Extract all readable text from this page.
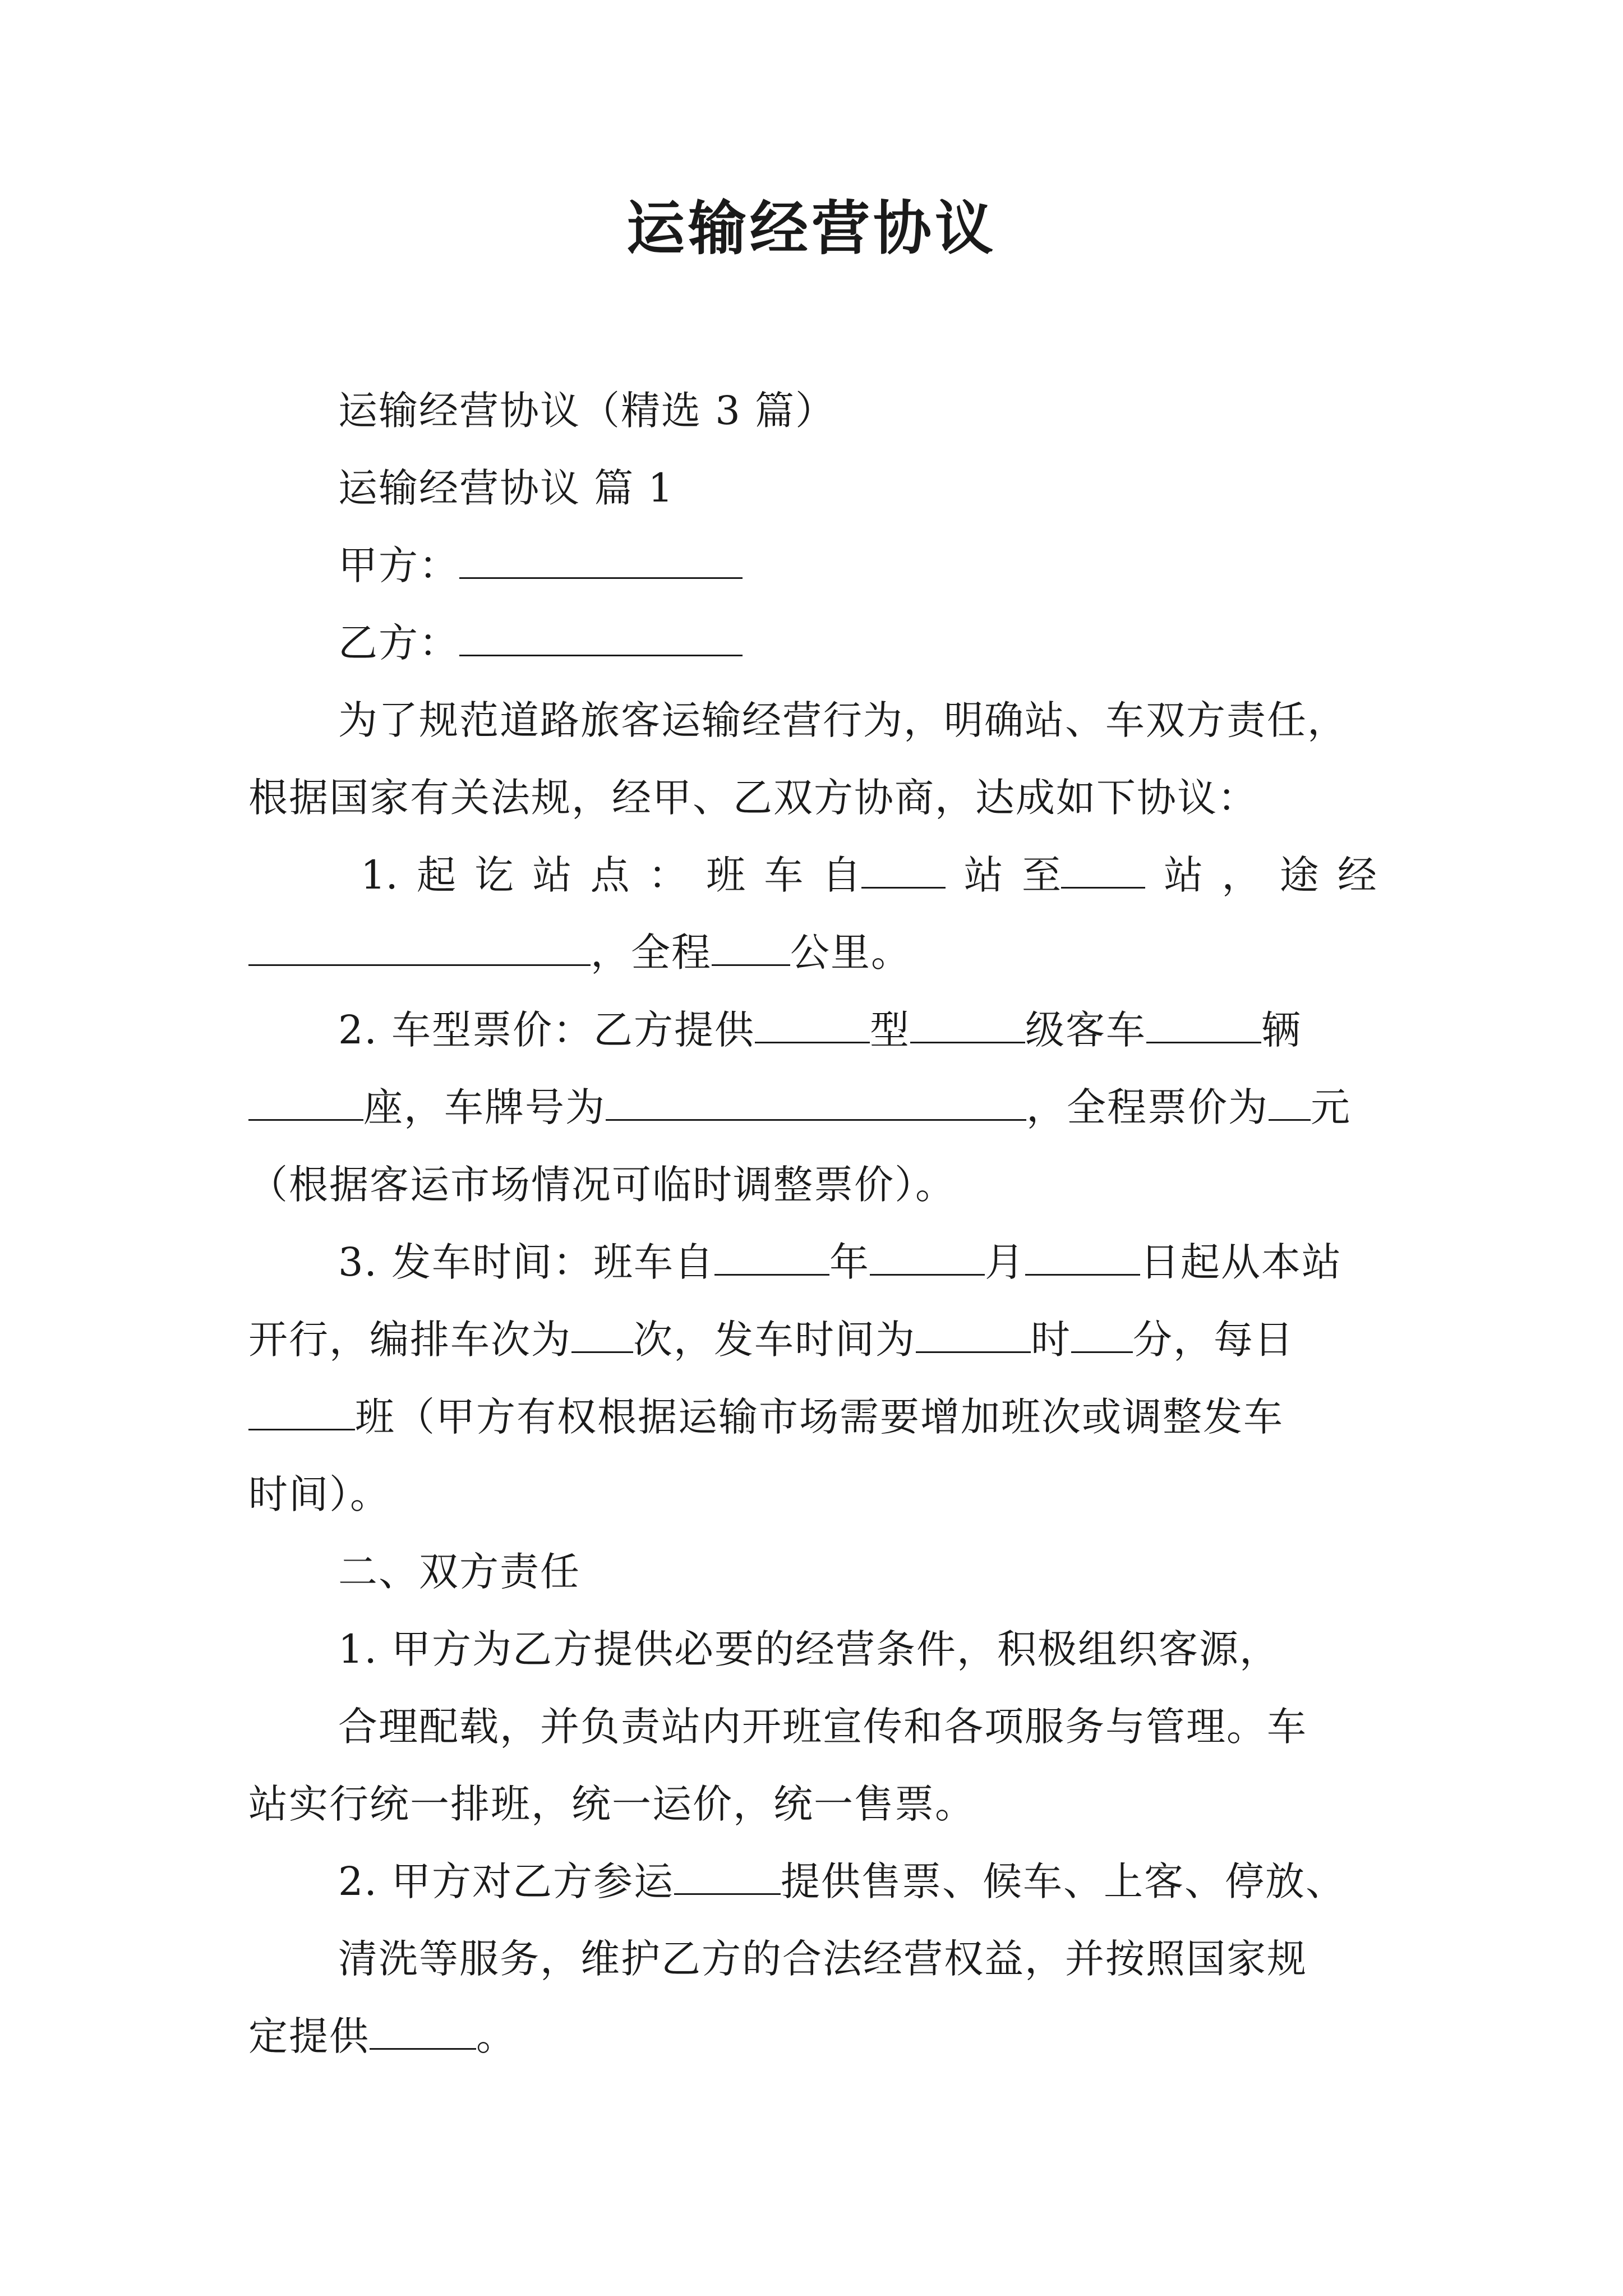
运输经营协议
运输经营协议（精选 3 篇）
运输经营协议 篇 1
甲方：
乙方：
为了规范道路旅客运输经营行为，明确站、车双方责任，
根据国家有关法规，经甲、乙双方协商，达成如下协议：
1. 起 讫 站 点 ： 班 车 自	站 至	站 ， 途 经
，全程 公里。
2. 车型票价：乙方提供	型	级客车	辆
座，车牌号为	，全程票价为 元
（根据客运市场情况可临时调整票价）。
3. 发车时间：班车自	年	月	日起从本站
开行，编排车次为 次，发车时间为	时 分，每日
班（甲方有权根据运输市场需要增加班次或调整发车
时间）。
二、双方责任
1. 甲方为乙方提供必要的经营条件，积极组织客源，
合理配载，并负责站内开班宣传和各项服务与管理。车
站实行统一排班，统一运价，统一售票。
2. 甲方对乙方参运	提供售票、候车、上客、停放、
清洗等服务，维护乙方的合法经营权益，并按照国家规
定提供	。
